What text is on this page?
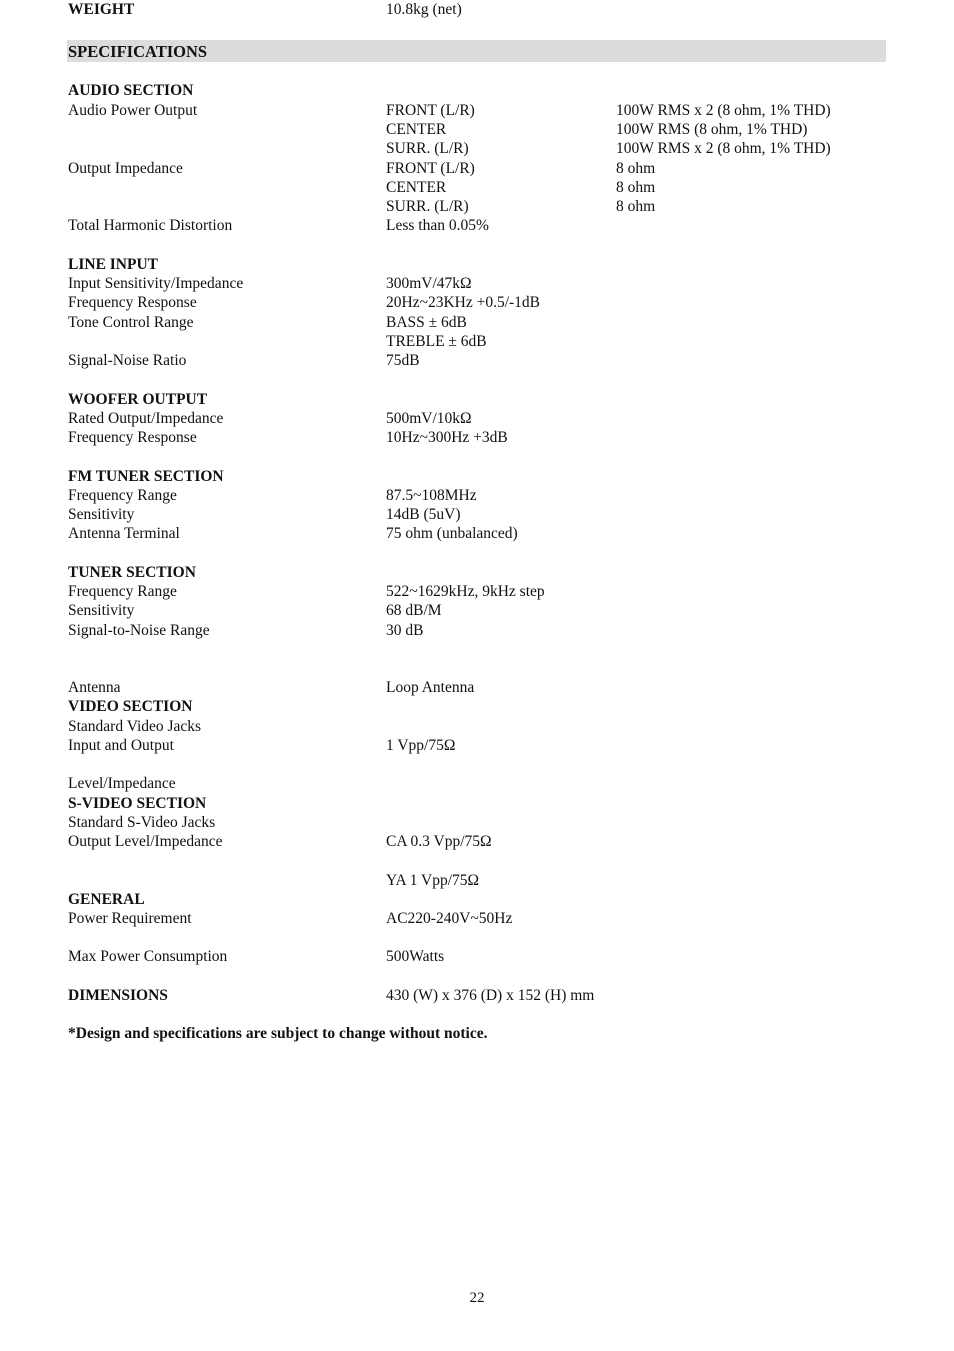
SPECIFICATIONS
AUDIO SECTION
Audio Power Output	FRONT (L/R)	100W RMS x 2 (8 ohm, 1% THD)
CENTER	100W RMS (8 ohm, 1% THD)
SURR. (L/R)	100W RMS x 2 (8 ohm, 1% THD)
Output Impedance	FRONT (L/R)	8 ohm
CENTER	8 ohm
SURR. (L/R)	8 ohm
Total Harmonic Distortion	Less than 0.05%
LINE INPUT
Input Sensitivity/Impedance	300mV/47kΩ
Frequency Response	20Hz~23KHz +0.5/-1dB
Tone Control Range	BASS ± 6dB
TREBLE ± 6dB
Signal-Noise Ratio	75dB
WOOFER OUTPUT
Rated Output/Impedance	500mV/10kΩ
Frequency Response	10Hz~300Hz +3dB
FM TUNER SECTION
Frequency Range	87.5~108MHz
Sensitivity	14dB (5uV)
Antenna Terminal	75 ohm (unbalanced)
TUNER SECTION
Frequency Range	522~1629kHz, 9kHz step
Sensitivity	68 dB/M
Signal-to-Noise Range	30 dB
Antenna	Loop Antenna
VIDEO SECTION
Standard Video Jacks
Input and Output	1 Vpp/75Ω
Level/Impedance
S-VIDEO SECTION
Standard S-Video Jacks
Output Level/Impedance	CA 0.3 Vpp/75Ω
YA 1 Vpp/75Ω
GENERAL
Power Requirement	AC220-240V~50Hz
Max Power Consumption	500Watts
DIMENSIONS	430 (W) x 376 (D) x 152 (H) mm
WEIGHT	10.8kg (net)
*Design and specifications are subject to change without notice.
22
